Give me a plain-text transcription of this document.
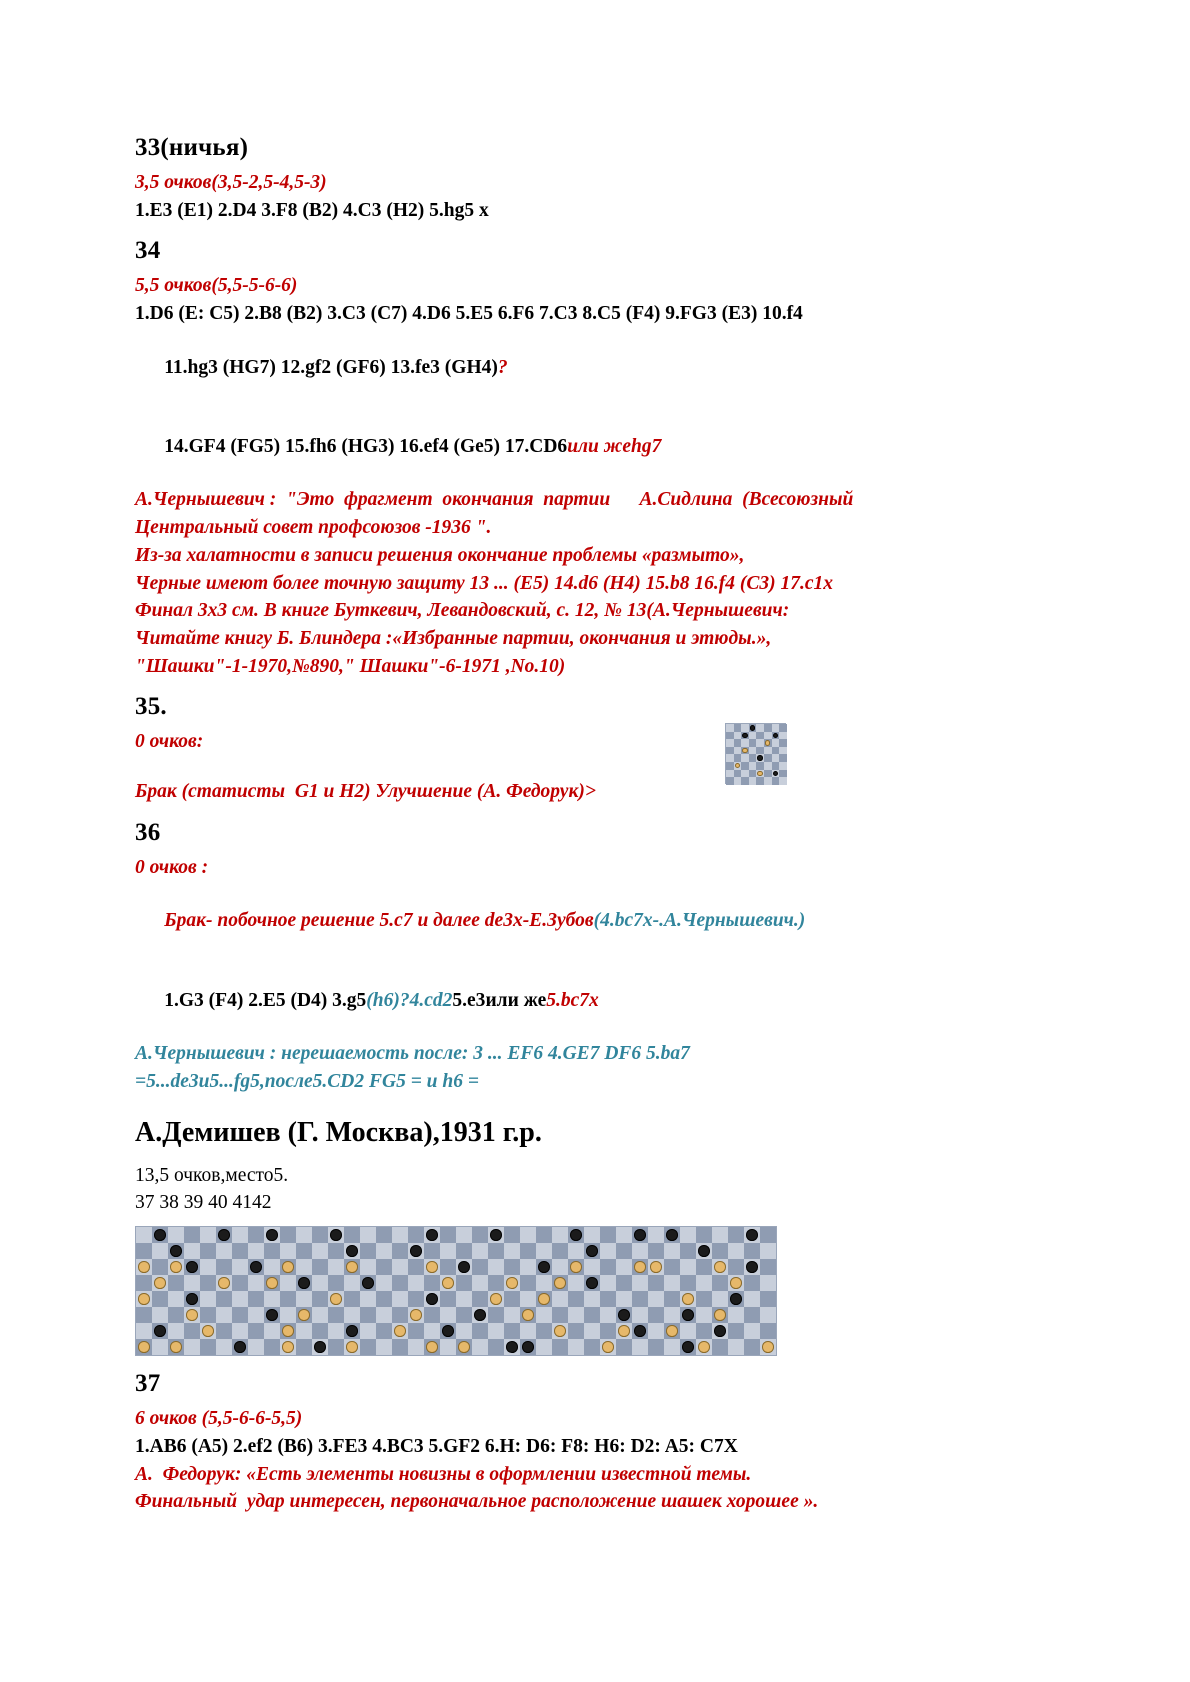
33(ничья)
3,5 очков(3,5-2,5-4,5-3)
1.E3 (E1) 2.D4 3.F8 (B2) 4.C3 (H2) 5.hg5 x
34
5,5 очков(5,5-5-6-6)
1.D6 (E: C5) 2.B8 (B2) 3.C3 (C7) 4.D6 5.E5 6.F6 7.C3 8.C5 (F4) 9.FG3 (E3) 10.f4

11.hg3 (HG7) 12.gf2 (GF6) 13.fe3 (GH4)?

14.GF4 (FG5) 15.fh6 (HG3) 16.ef4 (Ge5) 17.CD6или жehg7

А.Чернышевич :  "Это  фрагмент  окончания  партии      А.Сидлина  (Всесоюзный
Центральный совет профсоюзов -1936 ".
Из-за халатности в записи решения окончание проблемы «размыто»,
Черные имеют более точную защиту 13 ... (E5) 14.d6 (H4) 15.b8 16.f4 (C3) 17.c1x
Финал 3х3 см. В книге Буткевич, Левандовский, с. 12, № 13(А.Чернышевич:
Читайте книгу Б. Блиндера :«Избранные партии, окончания и этюды.»,
"Шашки"-1-1970,№890," Шашки"-6-1971 ,No.10)
35.
0 очков:
Брак (статисты  G1 и H2) Улучшение (А. Федорук)>
36
0 очков :

Брак- побочное решение 5.с7 и далее de3x-Е.Зубов(4.bc7x-.А.Чернышевич.)

1.G3 (F4) 2.E5 (D4) 3.g5(h6)?4.cd25.e3или же5.bc7x

А.Чернышевич : нерешаемость после: 3 ... EF6 4.GE7 DF6 5.ba7
=5...de3и5...fg5,после5.CD2 FG5 = и h6 =
А.Демишев (Г. Москва),1931 г.р.
13,5 очков,место5.
37 38 39 40 4142
37
6 очков (5,5-6-6-5,5)
1.AB6 (A5) 2.ef2 (B6) 3.FE3 4.BC3 5.GF2 6.H: D6: F8: H6: D2: A5: C7X
А.  Федорук: «Есть элементы новизны в оформлении известной темы.
Финальный  удар интересен, первоначальное расположение шашек хорошее ».
